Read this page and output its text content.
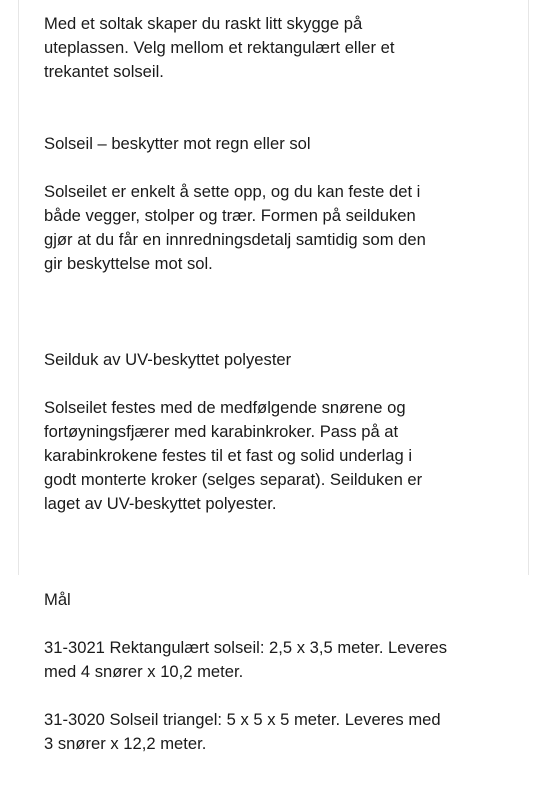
Med et soltak skaper du raskt litt skygge på
uteplassen. Velg mellom et rektangulært eller et
trekantet solseil.

Solseil – beskytter mot regn eller sol

Solseilet er enkelt å sette opp, og du kan feste det i
både vegger, stolper og trær. Formen på seilduken
gjør at du får en innredningsdetalj samtidig som den
gir beskyttelse mot sol.

Seilduk av UV-beskyttet polyester

Solseilet festes med de medfølgende snørene og
fortøyningsfjærer med karabinkroker. Pass på at
karabinkrokene festes til et fast og solid underlag i
godt monterte kroker (selges separat). Seilduken er
laget av UV-beskyttet polyester.

Mål

31-3021 Rektangulært solseil: 2,5 x 3,5 meter. Leveres
med 4 snører x 10,2 meter.

31-3020 Solseil triangel: 5 x 5 x 5 meter. Leveres med
3 snører x 12,2 meter.
